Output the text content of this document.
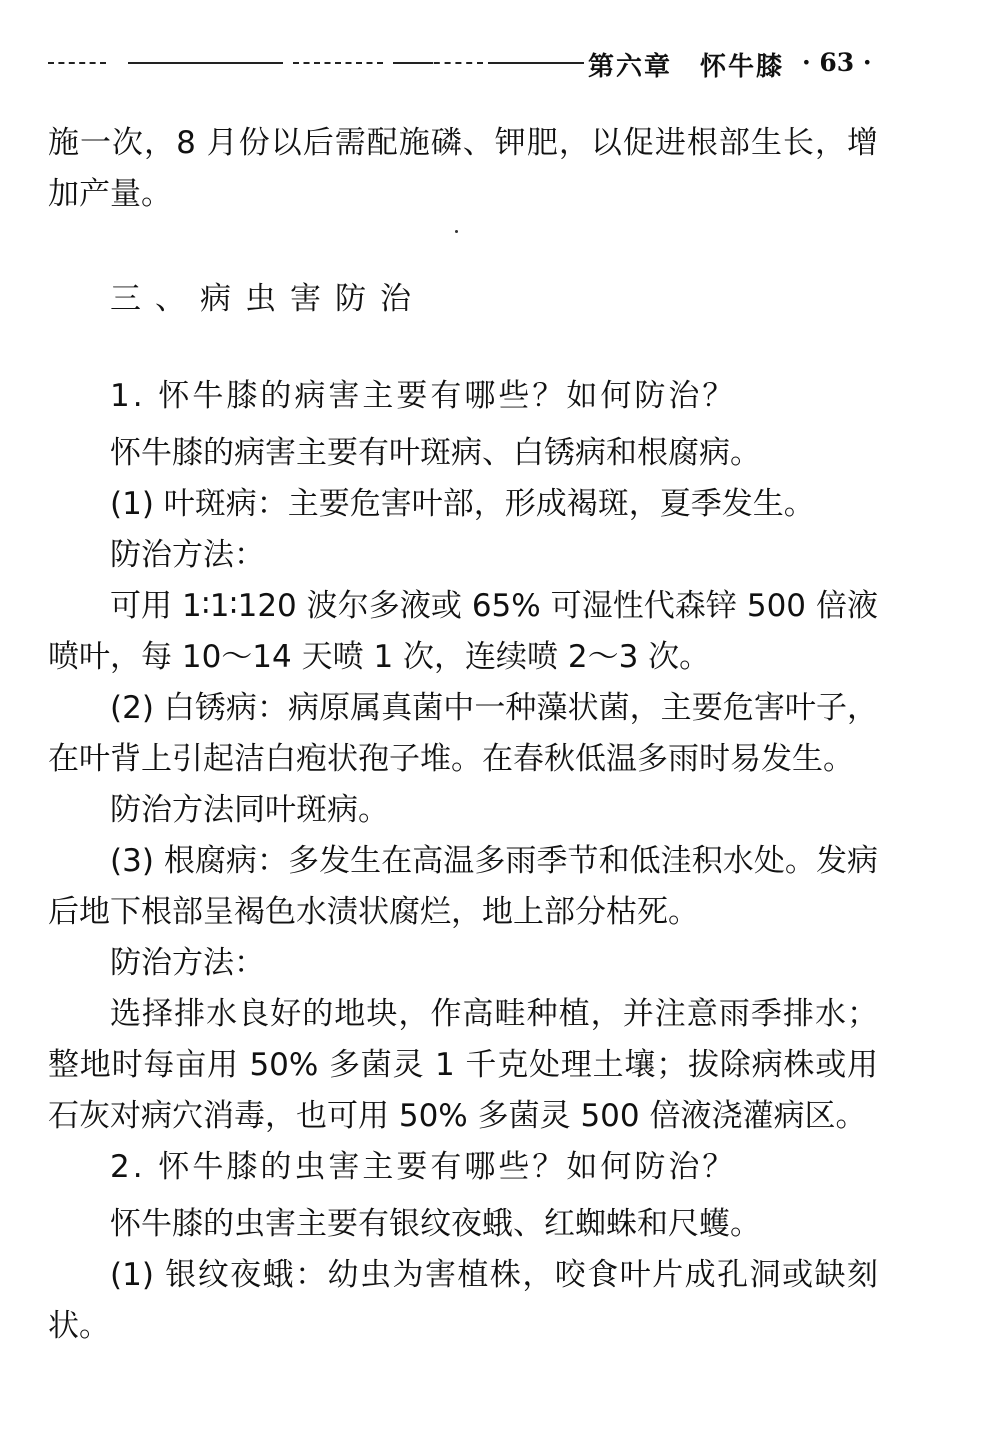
第六章　怀牛膝 · 63 ·

施一次，8 月份以后需配施磷、钾肥，以促进根部生长，增加产量。

三、病虫害防治
1. 怀牛膝的病害主要有哪些？如何防治？

怀牛膝的病害主要有叶斑病、白锈病和根腐病。

(1) 叶斑病：主要危害叶部，形成褐斑，夏季发生。

防治方法：

可用 1∶1∶120 波尔多液或 65% 可湿性代森锌 500 倍液喷叶，每 10～14 天喷 1 次，连续喷 2～3 次。

(2) 白锈病：病原属真菌中一种藻状菌，主要危害叶子，在叶背上引起洁白疱状孢子堆。在春秋低温多雨时易发生。

防治方法同叶斑病。

(3) 根腐病：多发生在高温多雨季节和低洼积水处。发病后地下根部呈褐色水渍状腐烂，地上部分枯死。

防治方法：

选择排水良好的地块，作高畦种植，并注意雨季排水；整地时每亩用 50% 多菌灵 1 千克处理土壤；拔除病株或用石灰对病穴消毒，也可用 50% 多菌灵 500 倍液浇灌病区。

2. 怀牛膝的虫害主要有哪些？如何防治？

怀牛膝的虫害主要有银纹夜蛾、红蜘蛛和尺蠖。

(1) 银纹夜蛾：幼虫为害植株，咬食叶片成孔洞或缺刻状。
